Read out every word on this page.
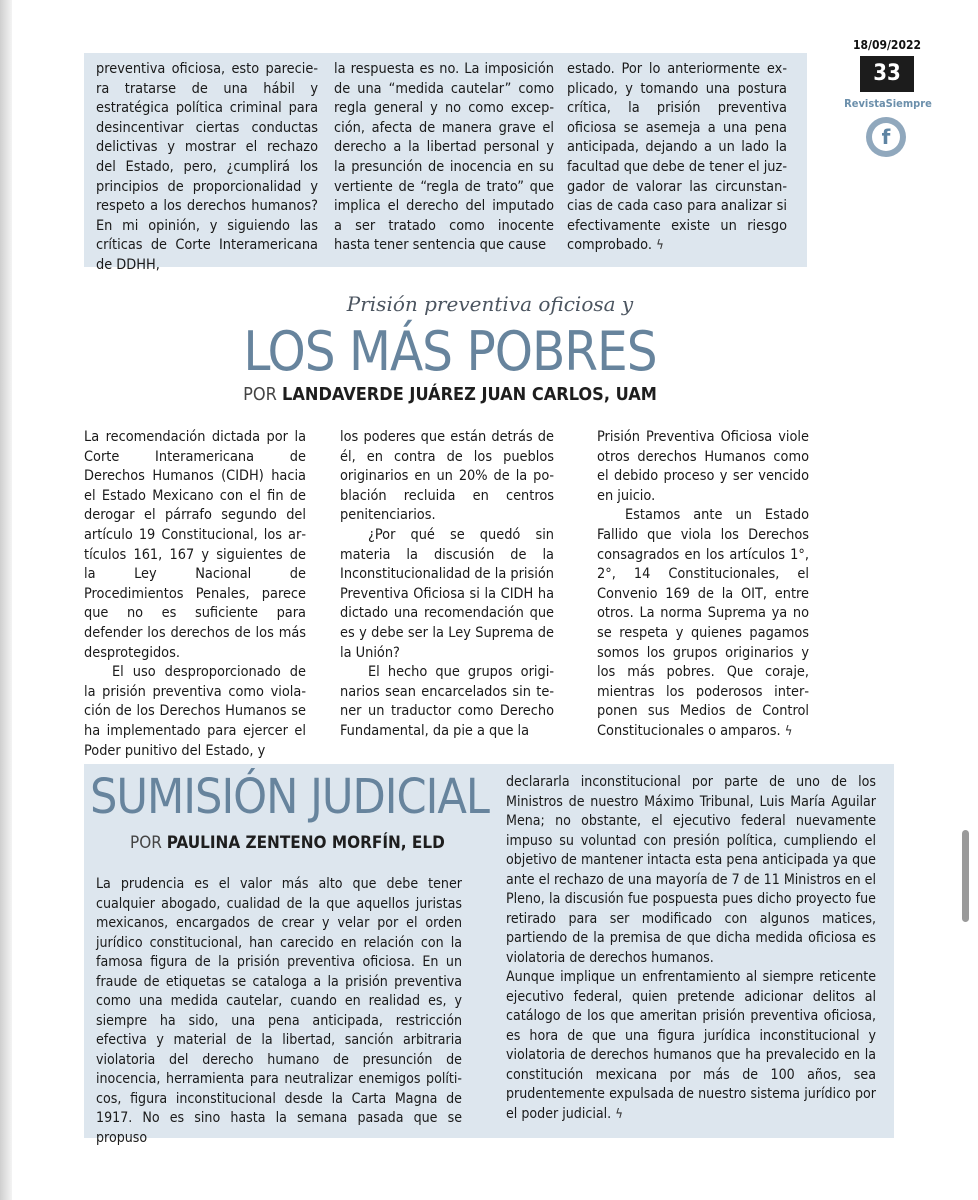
18/09/2022
33
RevistaSiempre
f

preventiva oficiosa, esto pareciera tratarse de una hábil y estratégica política criminal para desincentivar ciertas conductas delictivas y mostrar el rechazo del Estado, pero, ¿cumplirá los principios de proporcionalidad y respeto a los derechos humanos? En mi opinión, y siguiendo las críticas de Corte Interamericana de DDHH,

la respuesta es no. La imposición de una “medida cautelar” como regla general y no como excepción, afecta de manera grave el derecho a la libertad personal y la presunción de inocencia en su vertiente de “regla de trato” que implica el derecho del imputado a ser tratado como inocente hasta tener sentencia que cause

estado. Por lo anteriormente explicado, y tomando una postura crítica, la prisión preventiva oficiosa se asemeja a una pena anticipada, dejando a un lado la facultad que debe de tener el juzgador de valorar las circunstancias de cada caso para analizar si efectivamente existe un riesgo comprobado. ϟ

Prisión preventiva oficiosa y
LOS MÁS POBRES
POR LANDAVERDE JUÁREZ JUAN CARLOS, UAM

La recomendación dictada por la Corte Interamericana de Derechos Humanos (CIDH) hacia el Estado Mexicano con el fin de derogar el párrafo segundo del artículo 19 Constitucional, los artículos 161, 167 y siguientes de la Ley Nacional de Procedimientos Penales, parece que no es suficiente para defender los derechos de los más desprotegidos.

El uso desproporcionado de la prisión preventiva como violación de los Derechos Humanos se ha implementado para ejercer el Poder punitivo del Estado, y

los poderes que están detrás de él, en contra de los pueblos originarios en un 20% de la población recluida en centros penitenciarios.

¿Por qué se quedó sin materia la discusión de la Inconstitucionalidad de la prisión Preventiva Oficiosa si la CIDH ha dictado una recomendación que es y debe ser la Ley Suprema de la Unión?

El hecho que grupos originarios sean encarcelados sin tener un traductor como Derecho Fundamental, da pie a que la

Prisión Preventiva Oficiosa viole otros derechos Humanos como el debido proceso y ser vencido en juicio.

Estamos ante un Estado Fallido que viola los Derechos consagrados en los artículos 1°, 2°, 14 Constitucionales, el Convenio 169 de la OIT, entre otros. La norma Suprema ya no se respeta y quienes pagamos somos los grupos originarios y los más pobres. Que coraje, mientras los poderosos interponen sus Medios de Control Constitucionales o amparos. ϟ

SUMISIÓN JUDICIAL
POR PAULINA ZENTENO MORFÍN, ELD

La prudencia es el valor más alto que debe tener cualquier abogado, cualidad de la que aquellos juristas mexicanos, encargados de crear y velar por el orden jurídico constitucional, han carecido en relación con la famosa figura de la prisión preventiva oficiosa. En un fraude de etiquetas se cataloga a la prisión preventiva como una medida cautelar, cuando en realidad es, y siempre ha sido, una pena anticipada, restricción efectiva y material de la libertad, sanción arbitraria violatoria del derecho humano de presunción de inocencia, herramienta para neutralizar enemigos políticos, figura inconstitucional desde la Carta Magna de 1917. No es sino hasta la semana pasada que se propuso

declararla inconstitucional por parte de uno de los Ministros de nuestro Máximo Tribunal, Luis María Aguilar Mena; no obstante, el ejecutivo federal nuevamente impuso su voluntad con presión política, cumpliendo el objetivo de mantener intacta esta pena anticipada ya que ante el rechazo de una mayoría de 7 de 11 Ministros en el Pleno, la discusión fue pospuesta pues dicho proyecto fue retirado para ser modificado con algunos matices, partiendo de la premisa de que dicha medida oficiosa es violatoria de derechos humanos.

Aunque implique un enfrentamiento al siempre reticente ejecutivo federal, quien pretende adicionar delitos al catálogo de los que ameritan prisión preventiva oficiosa, es hora de que una figura jurídica inconstitucional y violatoria de derechos humanos que ha prevalecido en la constitución mexicana por más de 100 años, sea prudentemente expulsada de nuestro sistema jurídico por el poder judicial. ϟ
